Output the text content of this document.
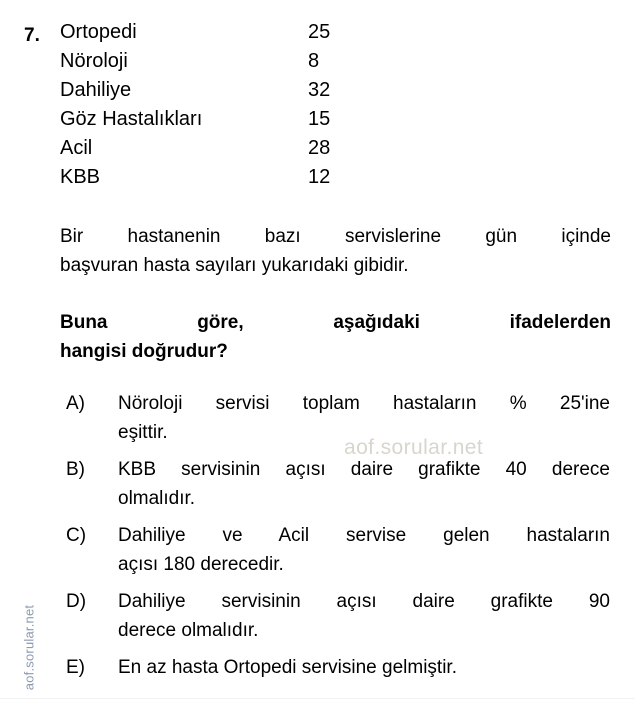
aof.sorular.net
7. Ortopedi	25
Nöroloji	8
Dahiliye	32
Göz Hastalıkları	15
Acil	28
KBB	12
Bir hastanenin bazı servislerine gün içinde
başvuran hasta sayıları yukarıdaki gibidir.
Buna göre, aşağıdaki ifadelerden
hangisi doğrudur?
A) Nöroloji servisi toplam hastaların % 25'ine
eşittir.
B) KBB servisinin açısı daire grafikte 40 derece
olmalıdır.
C) Dahiliye ve Acil servise gelen hastaların
açısı 180 derecedir.
D) Dahiliye servisinin açısı daire grafikte 90
derece olmalıdır.
E) En az hasta Ortopedi servisine gelmiştir.
aof.sorular.net
